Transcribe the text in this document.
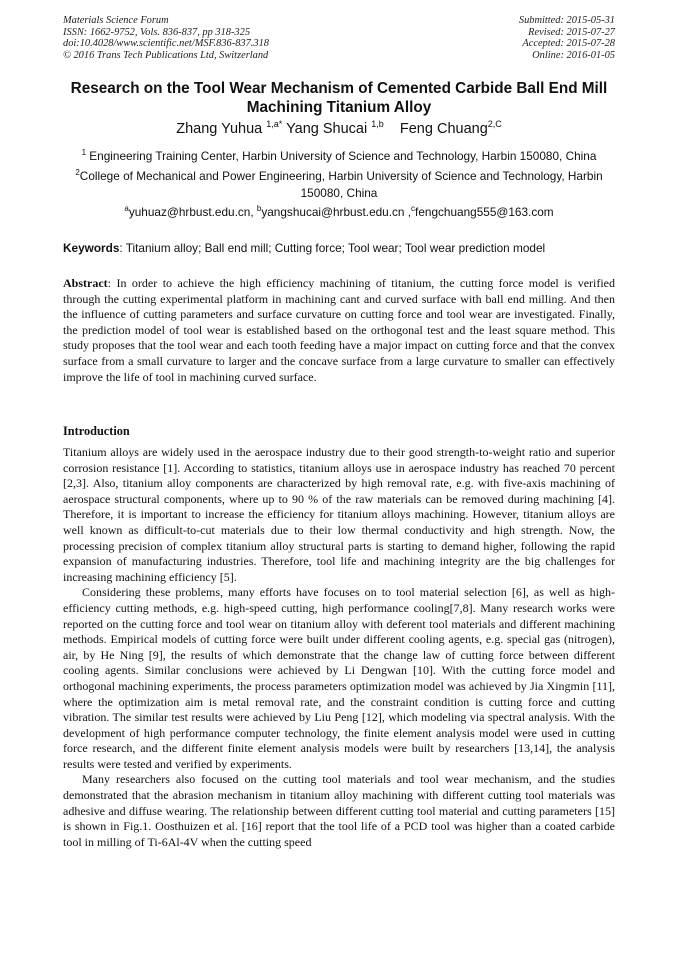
Materials Science Forum
ISSN: 1662-9752, Vols. 836-837, pp 318-325
doi:10.4028/www.scientific.net/MSF.836-837.318
© 2016 Trans Tech Publications Ltd, Switzerland
Submitted: 2015-05-31
Revised: 2015-07-27
Accepted: 2015-07-28
Online: 2016-01-05
Research on the Tool Wear Mechanism of Cemented Carbide Ball End Mill Machining Titanium Alloy
Zhang Yuhua $^{1,a*}$ Yang Shucai $^{1,b}$ Feng Chuang$^{2,C}$
$^1$ Engineering Training Center, Harbin University of Science and Technology, Harbin 150080, China
$^2$College of Mechanical and Power Engineering, Harbin University of Science and Technology, Harbin 150080, China
$^a$yuhuaz@hrbust.edu.cn, $^b$yangshucai@hrbust.edu.cn ,$^c$fengchuang555@163.com
Keywords: Titanium alloy; Ball end mill; Cutting force; Tool wear; Tool wear prediction model

Abstract: In order to achieve the high efficiency machining of titanium, the cutting force model is verified through the cutting experimental platform in machining cant and curved surface with ball end milling. And then the influence of cutting parameters and surface curvature on cutting force and tool wear are investigated. Finally, the prediction model of tool wear is established based on the orthogonal test and the least square method. This study proposes that the tool wear and each tooth feeding have a major impact on cutting force and that the convex surface from a small curvature to larger and the concave surface from a large curvature to smaller can effectively improve the life of tool in machining curved surface.

Introduction

Titanium alloys are widely used in the aerospace industry due to their good strength-to-weight ratio and superior corrosion resistance [1]. According to statistics, titanium alloys use in aerospace industry has reached 70 percent [2,3]. Also, titanium alloy components are characterized by high removal rate, e.g. with five-axis machining of aerospace structural components, where up to 90 % of the raw materials can be removed during machining [4]. Therefore, it is important to increase the efficiency for titanium alloys machining. However, titanium alloys are well known as difficult-to-cut materials due to their low thermal conductivity and high strength. Now, the processing precision of complex titanium alloy structural parts is starting to demand higher, following the rapid expansion of manufacturing industries. Therefore, tool life and machining integrity are the big challenges for increasing machining efficiency [5].

Considering these problems, many efforts have focuses on to tool material selection [6], as well as high-efficiency cutting methods, e.g. high-speed cutting, high performance cooling[7,8]. Many research works were reported on the cutting force and tool wear on titanium alloy with deferent tool materials and different machining methods. Empirical models of cutting force were built under different cooling agents, e.g. special gas (nitrogen), air, by He Ning [9], the results of which demonstrate that the change law of cutting force between different cooling agents. Similar conclusions were achieved by Li Dengwan [10]. With the cutting force model and orthogonal machining experiments, the process parameters optimization model was achieved by Jia Xingmin [11], where the optimization aim is metal removal rate, and the constraint condition is cutting force and cutting vibration. The similar test results were achieved by Liu Peng [12], which modeling via spectral analysis. With the development of high performance computer technology, the finite element analysis model were used in cutting force research, and the different finite element analysis models were built by researchers [13,14], the analysis results were tested and verified by experiments.

Many researchers also focused on the cutting tool materials and tool wear mechanism, and the studies demonstrated that the abrasion mechanism in titanium alloy machining with different cutting tool materials was adhesive and diffuse wearing. The relationship between different cutting tool material and cutting parameters [15] is shown in Fig.1. Oosthuizen et al. [16] report that the tool life of a PCD tool was higher than a coated carbide tool in milling of Ti-6Al-4V when the cutting speed
